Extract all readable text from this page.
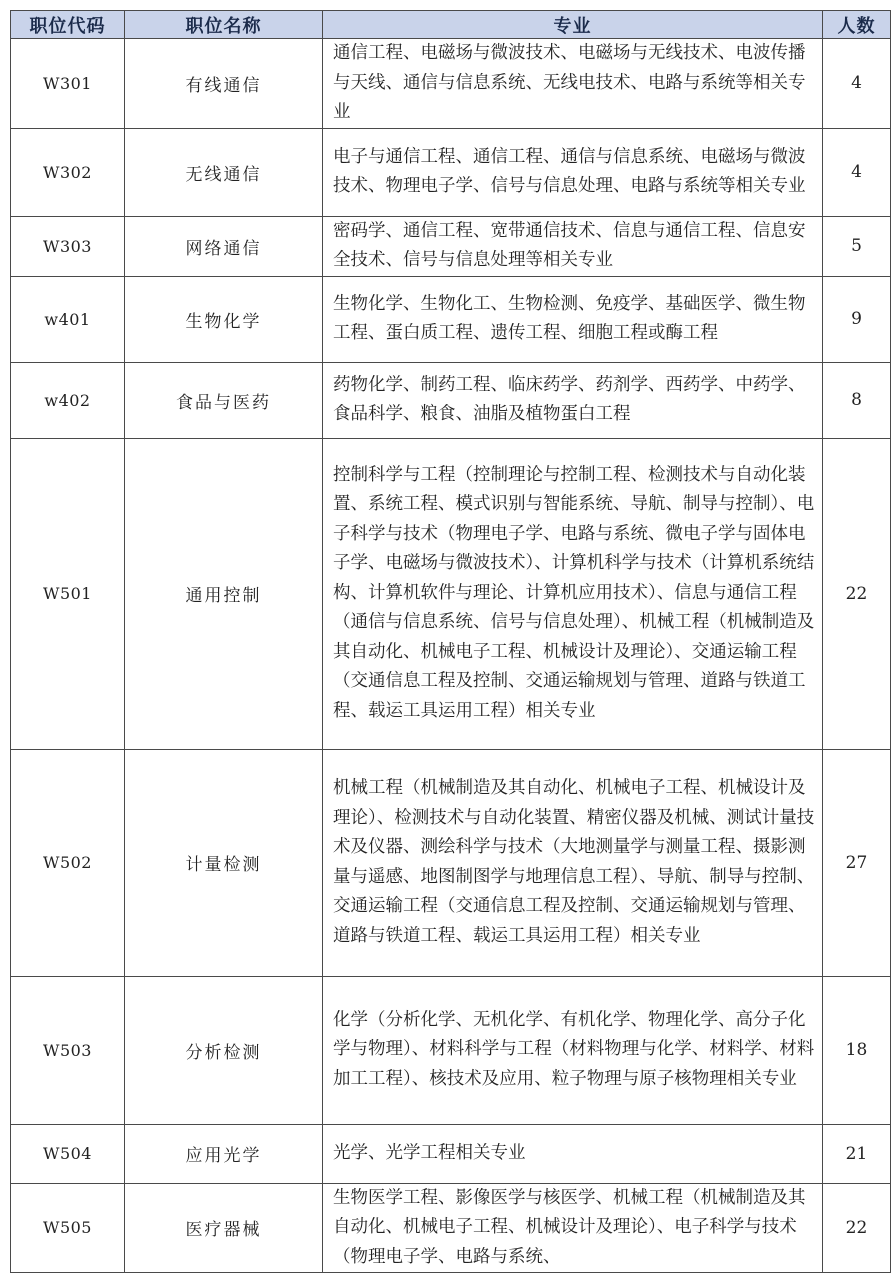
职位代码	职位名称	专业	人数
W301	有线通信	通信工程、电磁场与微波技术、电磁场与无线技术、电波传播与天线、通信与信息系统、无线电技术、电路与系统等相关专业	4
W302	无线通信	电子与通信工程、通信工程、通信与信息系统、电磁场与微波技术、物理电子学、信号与信息处理、电路与系统等相关专业	4
W303	网络通信	密码学、通信工程、宽带通信技术、信息与通信工程、信息安全技术、信号与信息处理等相关专业	5
w401	生物化学	生物化学、生物化工、生物检测、免疫学、基础医学、微生物工程、蛋白质工程、遗传工程、细胞工程或酶工程	9
w402	食品与医药	药物化学、制药工程、临床药学、药剂学、西药学、中药学、食品科学、粮食、油脂及植物蛋白工程	8
W501	通用控制	控制科学与工程（控制理论与控制工程、检测技术与自动化装置、系统工程、模式识别与智能系统、导航、制导与控制）、电子科学与技术（物理电子学、电路与系统、微电子学与固体电子学、电磁场与微波技术）、计算机科学与技术（计算机系统结构、计算机软件与理论、计算机应用技术）、信息与通信工程（通信与信息系统、信号与信息处理）、机械工程（机械制造及其自动化、机械电子工程、机械设计及理论）、交通运输工程（交通信息工程及控制、交通运输规划与管理、道路与铁道工程、载运工具运用工程）相关专业	22
W502	计量检测	机械工程（机械制造及其自动化、机械电子工程、机械设计及理论）、检测技术与自动化装置、精密仪器及机械、测试计量技术及仪器、测绘科学与技术（大地测量学与测量工程、摄影测量与遥感、地图制图学与地理信息工程）、导航、制导与控制、交通运输工程（交通信息工程及控制、交通运输规划与管理、道路与铁道工程、载运工具运用工程）相关专业	27
W503	分析检测	化学（分析化学、无机化学、有机化学、物理化学、高分子化学与物理）、材料科学与工程（材料物理与化学、材料学、材料加工工程）、核技术及应用、粒子物理与原子核物理相关专业	18
W504	应用光学	光学、光学工程相关专业	21
W505	医疗器械	生物医学工程、影像医学与核医学、机械工程（机械制造及其自动化、机械电子工程、机械设计及理论）、电子科学与技术（物理电子学、电路与系统、	22
